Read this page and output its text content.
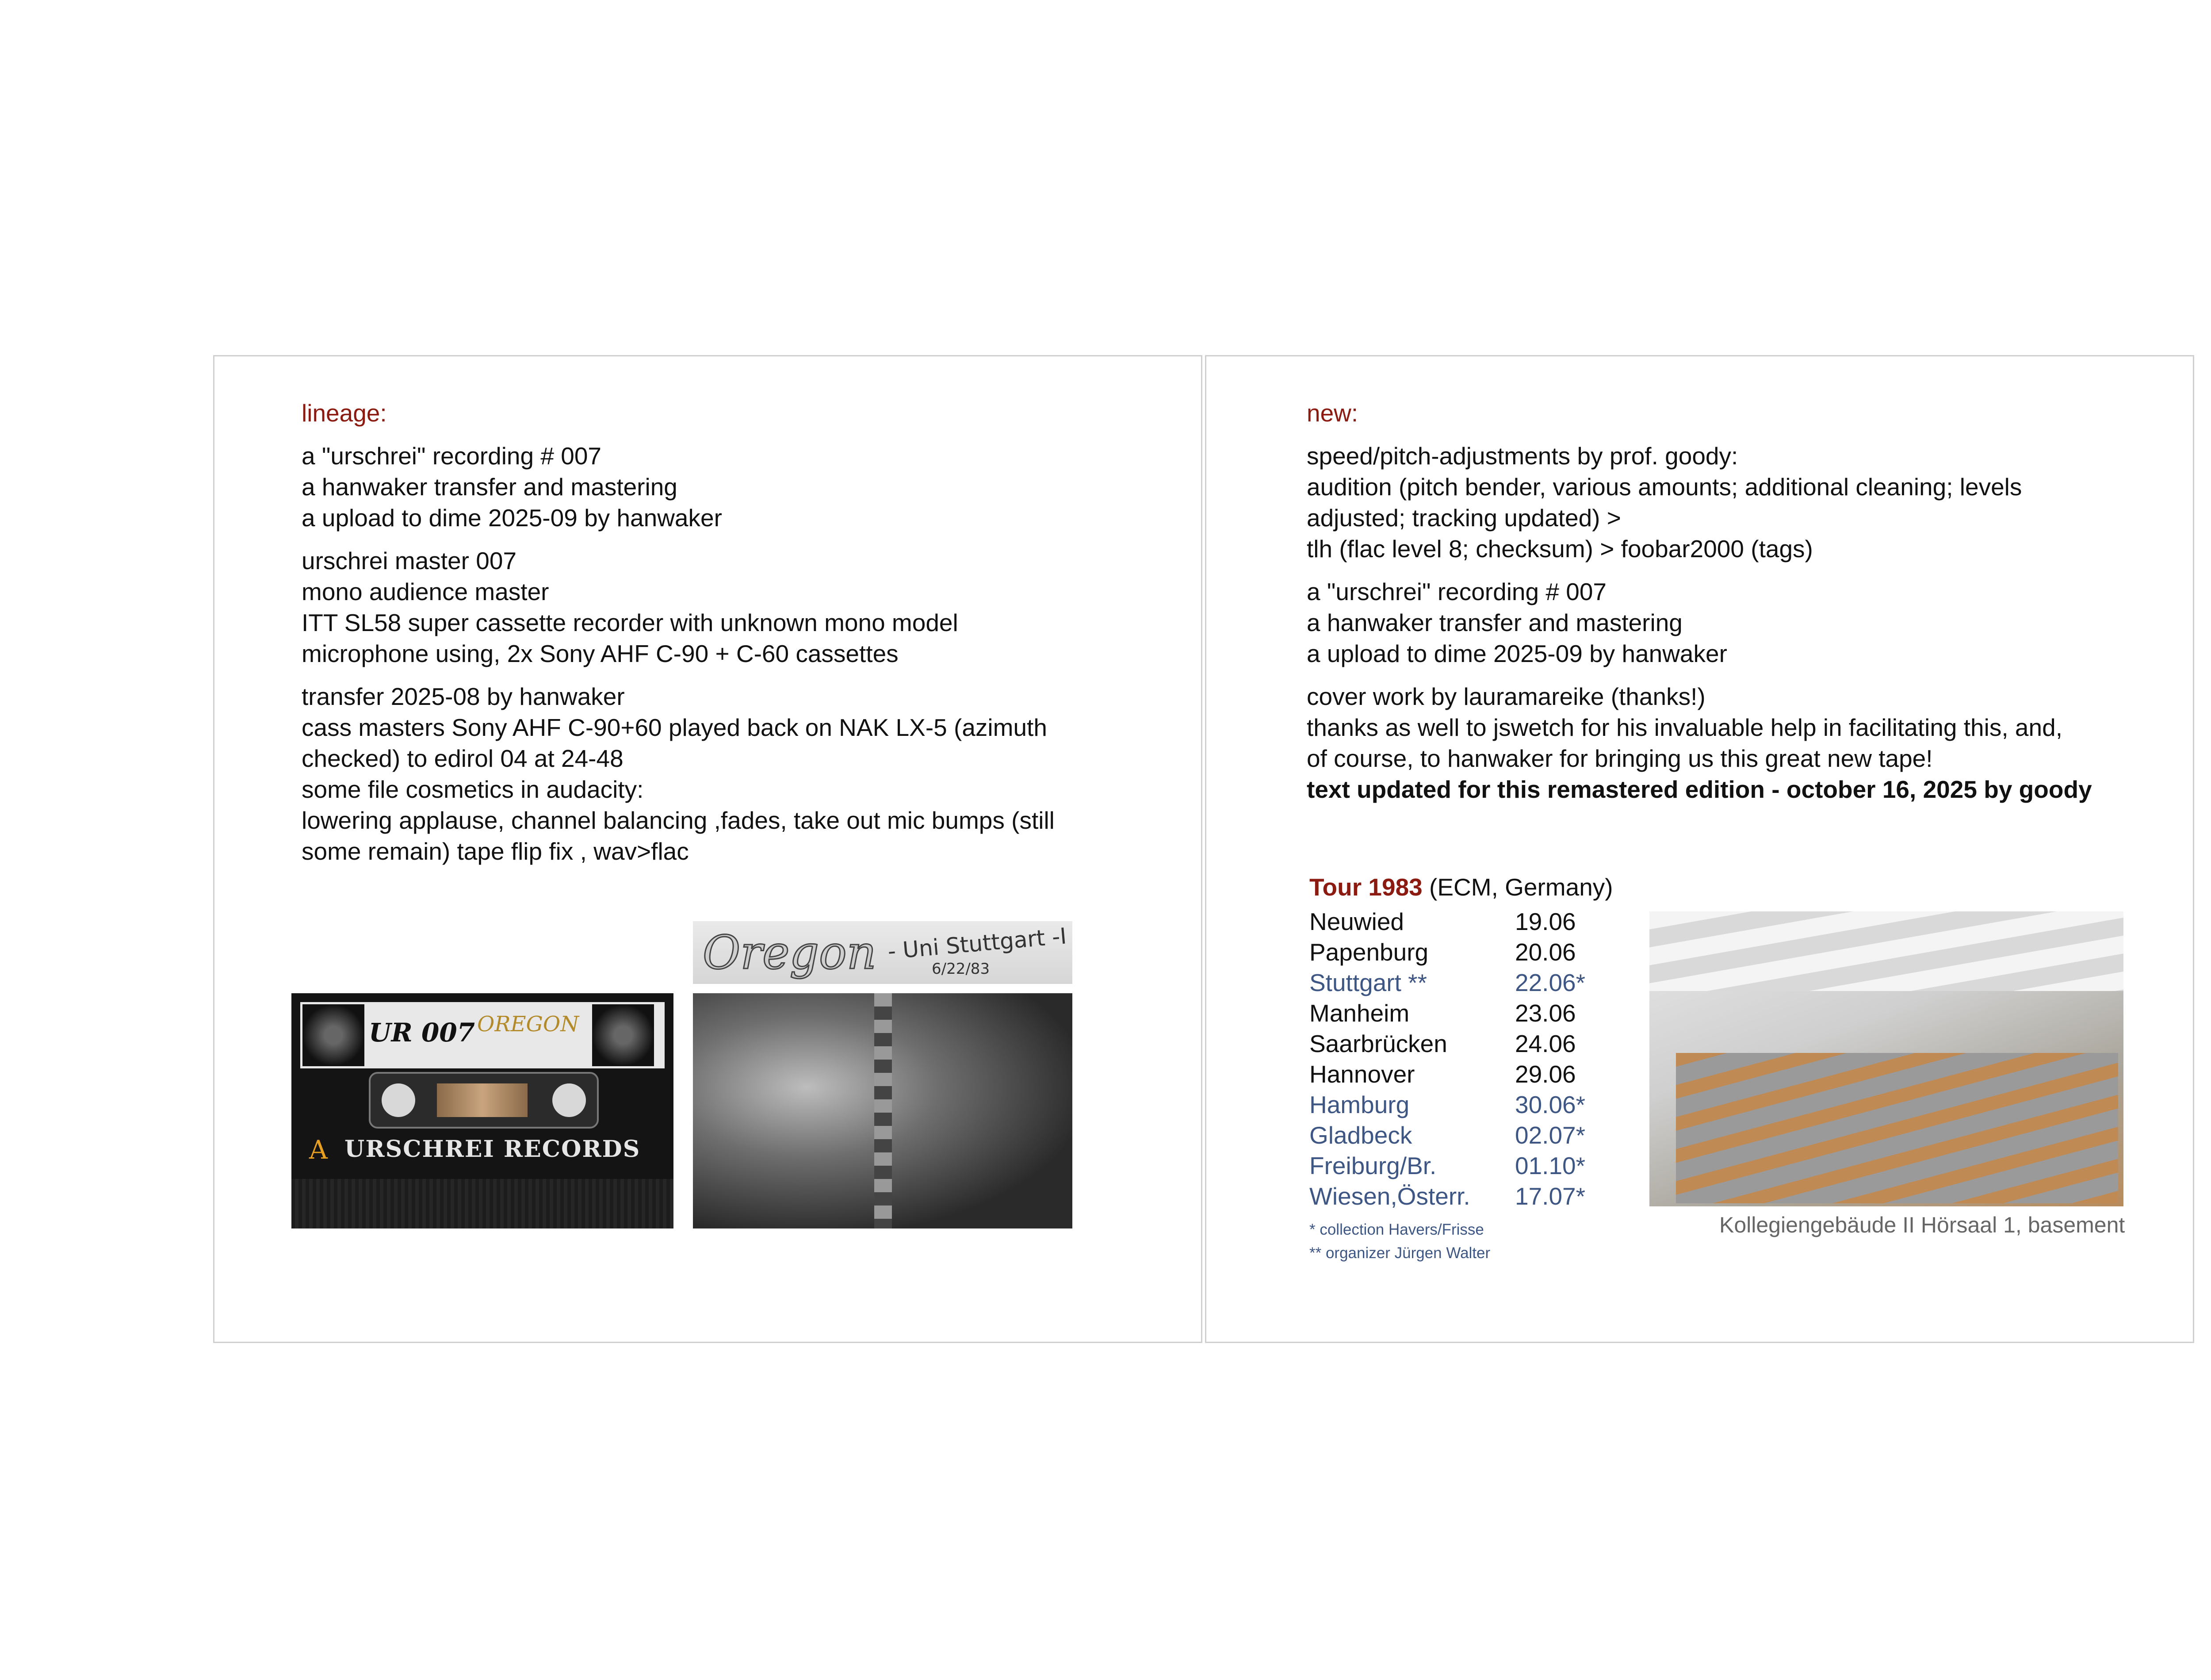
lineage:
a "urschrei" recording # 007
a hanwaker transfer and mastering
a upload to dime 2025-09 by hanwaker
urschrei master 007
mono audience master
ITT SL58 super cassette recorder with unknown mono model
microphone using, 2x Sony AHF C-90 + C-60 cassettes
transfer 2025-08 by hanwaker
cass masters Sony AHF C-90+60 played back on NAK LX-5 (azimuth
checked) to edirol 04 at 24-48
some file cosmetics in audacity:
lowering applause, channel balancing ,fades, take out mic bumps (still
some remain) tape flip fix , wav>flac
UR 007 OREGON
A URSCHREI RECORDS
Oregon - Uni Stuttgart -I
6/22/83
new:
speed/pitch-adjustments by prof. goody:
audition (pitch bender, various amounts; additional cleaning; levels
adjusted; tracking updated) >
tlh (flac level 8; checksum) > foobar2000 (tags)
a "urschrei" recording # 007
a hanwaker transfer and mastering
a upload to dime 2025-09 by hanwaker
cover work by lauramareike (thanks!)
thanks as well to jswetch for his invaluable help in facilitating this, and,
of course, to hanwaker for bringing us this great new tape!
text updated for this remastered edition - october 16, 2025 by goody
Tour 1983 (ECM, Germany)
Neuwied	19.06
Papenburg	20.06
Stuttgart **	22.06*
Manheim	23.06
Saarbrücken	24.06
Hannover	29.06
Hamburg	30.06*
Gladbeck	02.07*
Freiburg/Br.	01.10*
Wiesen,Österr.	17.07*
* collection Havers/Frisse
** organizer Jürgen Walter
Kollegiengebäude II Hörsaal 1, basement
